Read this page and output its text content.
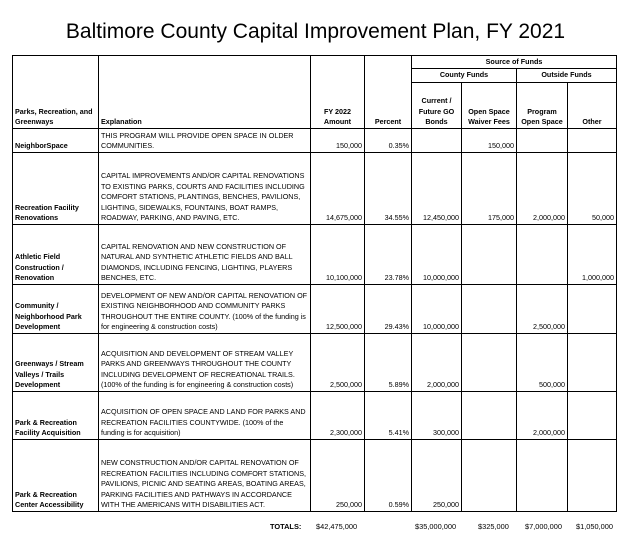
Baltimore County Capital Improvement Plan, FY 2021
Parks, Recreation, and Greenways	Explanation	FY 2022 Amount	Percent	Source of Funds			
				County Funds		Outside Funds	
				Current / Future GO Bonds	Open Space Waiver Fees	Program Open Space	Other
NeighborSpace	THIS PROGRAM WILL PROVIDE OPEN SPACE IN OLDER COMMUNITIES.	150,000	0.35%		150,000		
Recreation Facility Renovations	CAPITAL IMPROVEMENTS AND/OR CAPITAL RENOVATIONS TO EXISTING PARKS, COURTS AND FACILITIES INCLUDING COMFORT STATIONS, PLANTINGS, BENCHES, PAVILIONS, LIGHTING, SIDEWALKS, FOUNTAINS, BOAT RAMPS, ROADWAY, PARKING, AND PAVING, ETC.	14,675,000	34.55%	12,450,000	175,000	2,000,000	50,000
Athletic Field Construction / Renovation	CAPITAL RENOVATION AND NEW CONSTRUCTION OF NATURAL AND SYNTHETIC ATHLETIC FIELDS AND BALL DIAMONDS, INCLUDING FENCING, LIGHTING, PLAYERS BENCHES, ETC.	10,100,000	23.78%	10,000,000			1,000,000
Community / Neighborhood Park Development	DEVELOPMENT OF NEW AND/OR CAPITAL RENOVATION OF EXISTING NEIGHBORHOOD AND COMMUNITY PARKS THROUGHOUT THE ENTIRE COUNTY. (100% of the funding is for engineering & construction costs)	12,500,000	29.43%	10,000,000		2,500,000	
Greenways / Stream Valleys / Trails Development	ACQUISITION AND DEVELOPMENT OF STREAM VALLEY PARKS AND GREENWAYS THROUGHOUT THE COUNTY INCLUDING DEVELOPMENT OF RECREATIONAL TRAILS. (100% of the funding is for engineering & construction costs)	2,500,000	5.89%	2,000,000		500,000	
Park & Recreation Facility Acquisition	ACQUISITION OF OPEN SPACE AND LAND FOR PARKS AND RECREATION FACILITIES COUNTYWIDE. (100% of the funding is for acquisition)	2,300,000	5.41%	300,000		2,000,000	
Park & Recreation Center Accessibility	NEW CONSTRUCTION AND/OR CAPITAL RENOVATION OF RECREATION FACILITIES INCLUDING COMFORT STATIONS, PAVILIONS, PICNIC AND SEATING AREAS, BOATING AREAS, PARKING FACILITIES AND PATHWAYS IN ACCORDANCE WITH THE AMERICANS WITH DISABILITIES ACT.	250,000	0.59%	250,000			
TOTALS: $42,475,000	$35,000,000	$325,000 $7,000,000 $1,050,000
